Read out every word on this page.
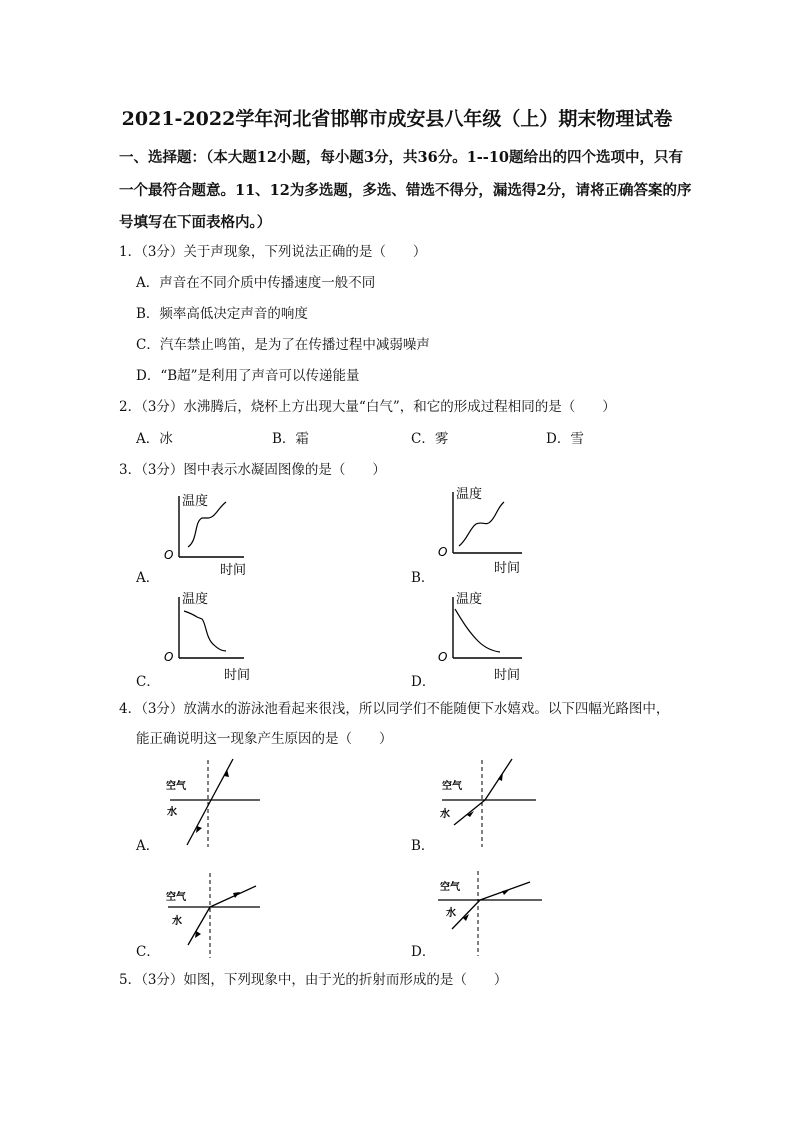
2021-2022学年河北省邯郸市成安县八年级（上）期末物理试卷
一、选择题：（本大题12小题，每小题3分，共36分。1--10题给出的四个选项中，只有
一个最符合题意。11、12为多选题，多选、错选不得分，漏选得2分，请将正确答案的序
号填写在下面表格内。）
1．（3分）关于声现象，下列说法正确的是（　　）
A．声音在不同介质中传播速度一般不同
B．频率高低决定声音的响度
C．汽车禁止鸣笛，是为了在传播过程中减弱噪声
D．“B超”是利用了声音可以传递能量
2．（3分）水沸腾后，烧杯上方出现大量“白气”，和它的形成过程相同的是（　　）
A．冰	B．霜	C．雾	D．雪
3．（3分）图中表示水凝固图像的是（　　）
A．
温度
时间
O
B．
温度
时间
O
C．
温度
时间
O
D．
温度
时间
O
4．（3分）放满水的游泳池看起来很浅，所以同学们不能随便下水嬉戏。以下四幅光路图中，
能正确说明这一现象产生原因的是（　　）
A．
空气
水
B．
空气
水
C．
空气
水
D．
空气
水
5．（3分）如图，下列现象中，由于光的折射而形成的是（　　）
